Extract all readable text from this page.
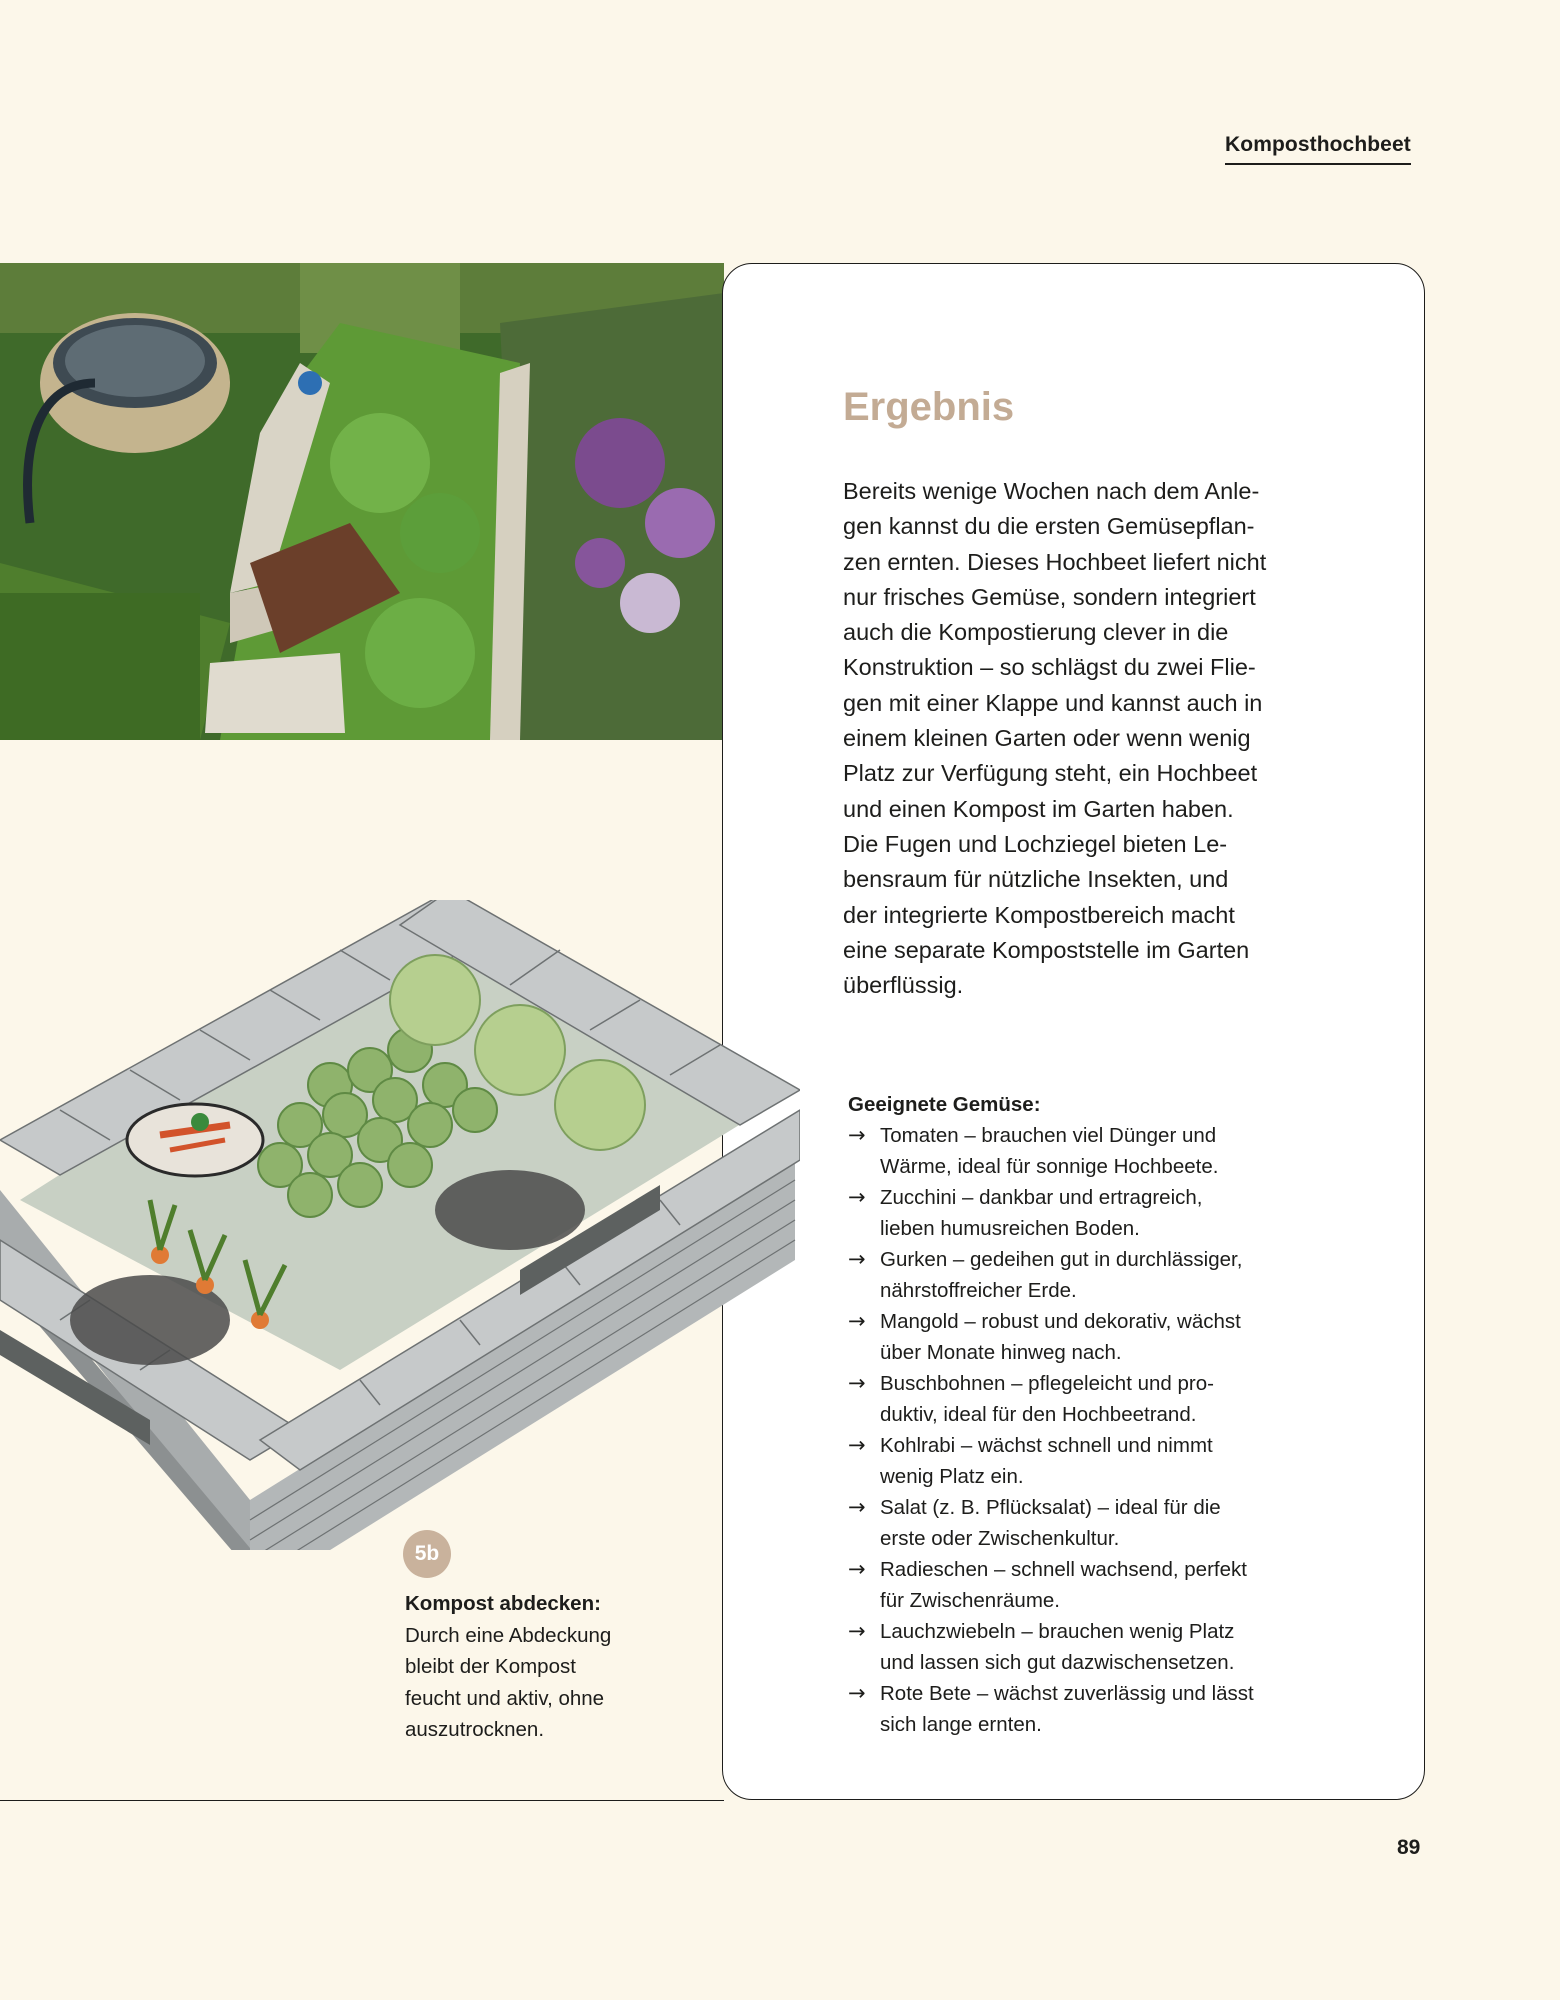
Komposthochbeet
Ergebnis
Bereits wenige Wochen nach dem Anle-
gen kannst du die ersten Gemüsepflan-
zen ernten. Dieses Hochbeet liefert nicht
nur frisches Gemüse, sondern integriert
auch die Kompostierung clever in die
Konstruktion – so schlägst du zwei Flie-
gen mit einer Klappe und kannst auch in
einem kleinen Garten oder wenn wenig
Platz zur Verfügung steht, ein Hochbeet
und einen Kompost im Garten haben.
Die Fugen und Lochziegel bieten Le-
bensraum für nützliche Insekten, und
der integrierte Kompostbereich macht
eine separate Kompoststelle im Garten
überflüssig.
Geeignete Gemüse:
→ Tomaten – brauchen viel Dünger und
Wärme, ideal für sonnige Hochbeete.
→ Zucchini – dankbar und ertragreich,
lieben humusreichen Boden.
→ Gurken – gedeihen gut in durchlässiger,
nährstoffreicher Erde.
→ Mangold – robust und dekorativ, wächst
über Monate hinweg nach.
→ Buschbohnen – pflegeleicht und pro-
duktiv, ideal für den Hochbeetrand.
→ Kohlrabi – wächst schnell und nimmt
wenig Platz ein.
→ Salat (z. B. Pflücksalat) – ideal für die
erste oder Zwischenkultur.
→ Radieschen – schnell wachsend, perfekt
für Zwischenräume.
→ Lauchzwiebeln – brauchen wenig Platz
und lassen sich gut dazwischensetzen.
→ Rote Bete – wächst zuverlässig und lässt
sich lange ernten.
5b
Kompost abdecken:
Durch eine Abdeckung
bleibt der Kompost
feucht und aktiv, ohne
auszutrocknen.
89
